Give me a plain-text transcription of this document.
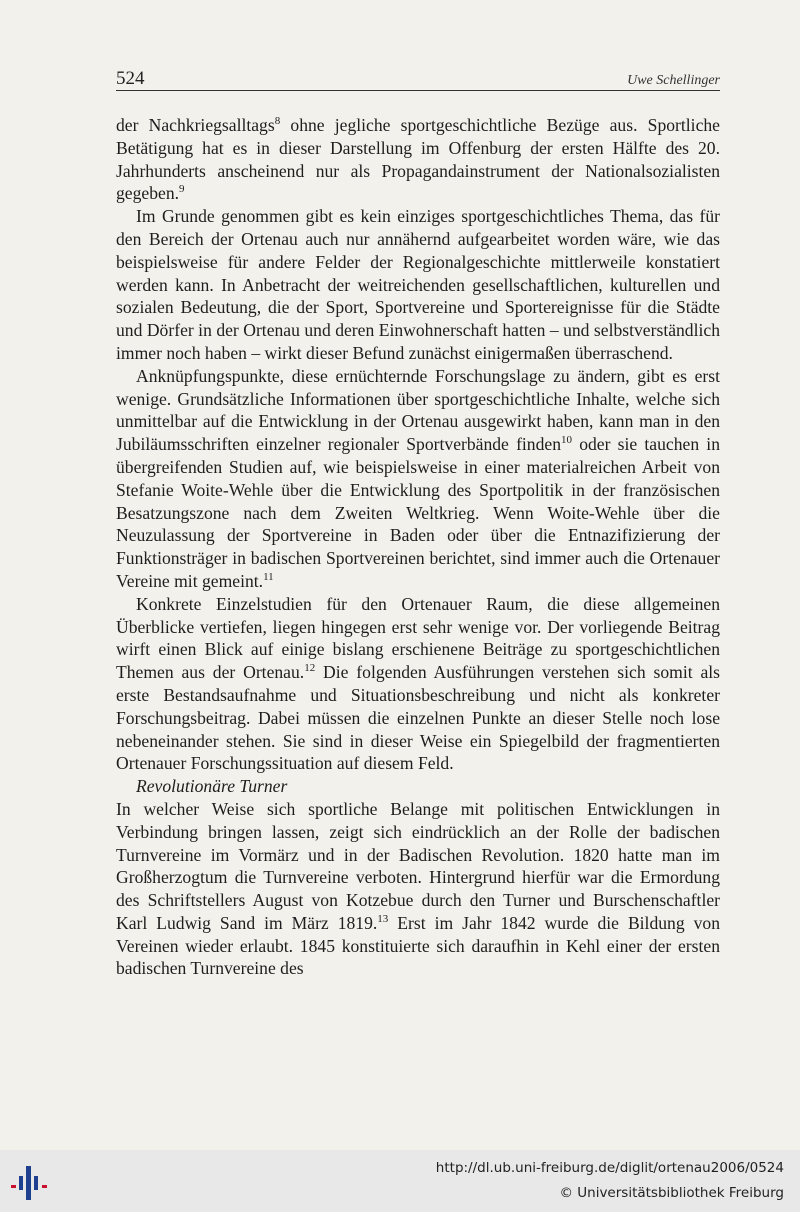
524	Uwe Schellinger

der Nachkriegsalltags$^8$ ohne jegliche sportgeschichtliche Bezüge aus. Sportliche Betätigung hat es in dieser Darstellung im Offenburg der ersten Hälfte des 20. Jahrhunderts anscheinend nur als Propagandainstrument der Nationalsozialisten gegeben.$^9$

Im Grunde genommen gibt es kein einziges sportgeschichtliches Thema, das für den Bereich der Ortenau auch nur annähernd aufgearbeitet worden wäre, wie das beispielsweise für andere Felder der Regionalgeschichte mittlerweile konstatiert werden kann. In Anbetracht der weitreichenden gesellschaftlichen, kulturellen und sozialen Bedeutung, die der Sport, Sportvereine und Sportereignisse für die Städte und Dörfer in der Ortenau und deren Einwohnerschaft hatten – und selbstverständlich immer noch haben – wirkt dieser Befund zunächst einigermaßen überraschend.

Anknüpfungspunkte, diese ernüchternde Forschungslage zu ändern, gibt es erst wenige. Grundsätzliche Informationen über sportgeschichtliche Inhalte, welche sich unmittelbar auf die Entwicklung in der Ortenau ausgewirkt haben, kann man in den Jubiläumsschriften einzelner regionaler Sportverbände finden$^{10}$ oder sie tauchen in übergreifenden Studien auf, wie beispielsweise in einer materialreichen Arbeit von Stefanie Woite-Wehle über die Entwicklung des Sportpolitik in der französischen Besatzungszone nach dem Zweiten Weltkrieg. Wenn Woite-Wehle über die Neuzulassung der Sportvereine in Baden oder über die Entnazifizierung der Funktionsträger in badischen Sportvereinen berichtet, sind immer auch die Ortenauer Vereine mit gemeint.$^{11}$

Konkrete Einzelstudien für den Ortenauer Raum, die diese allgemeinen Überblicke vertiefen, liegen hingegen erst sehr wenige vor. Der vorliegende Beitrag wirft einen Blick auf einige bislang erschienene Beiträge zu sportgeschichtlichen Themen aus der Ortenau.$^{12}$ Die folgenden Ausführungen verstehen sich somit als erste Bestandsaufnahme und Situationsbeschreibung und nicht als konkreter Forschungsbeitrag. Dabei müssen die einzelnen Punkte an dieser Stelle noch lose nebeneinander stehen. Sie sind in dieser Weise ein Spiegelbild der fragmentierten Ortenauer Forschungssituation auf diesem Feld.

Revolutionäre Turner

In welcher Weise sich sportliche Belange mit politischen Entwicklungen in Verbindung bringen lassen, zeigt sich eindrücklich an der Rolle der badischen Turnvereine im Vormärz und in der Badischen Revolution. 1820 hatte man im Großherzogtum die Turnvereine verboten. Hintergrund hierfür war die Ermordung des Schriftstellers August von Kotzebue durch den Turner und Burschenschaftler Karl Ludwig Sand im März 1819.13 Erst im Jahr 1842 wurde die Bildung von Vereinen wieder erlaubt. 1845 konstituierte sich daraufhin in Kehl einer der ersten badischen Turnvereine des

http://dl.ub.uni-freiburg.de/diglit/ortenau2006/0524
© Universitätsbibliothek Freiburg
